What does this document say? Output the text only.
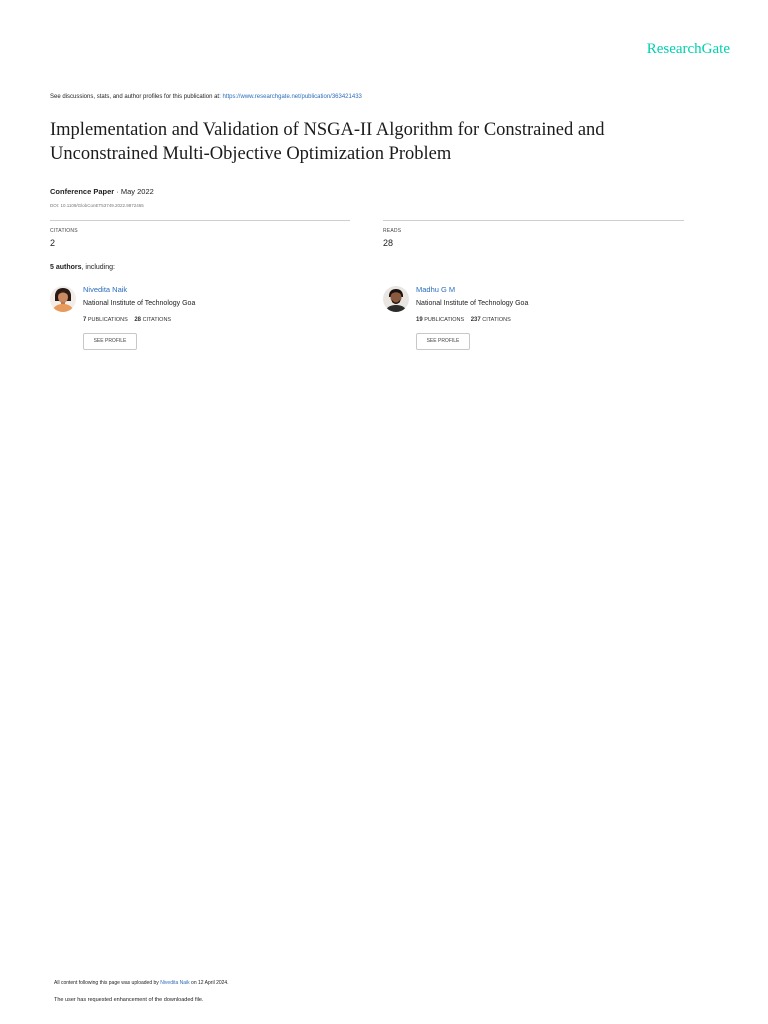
ResearchGate
See discussions, stats, and author profiles for this publication at: https://www.researchgate.net/publication/363421433
Implementation and Validation of NSGA-II Algorithm for Constrained and Unconstrained Multi-Objective Optimization Problem
Conference Paper · May 2022
DOI: 10.1109/GlobConET53749.2022.9872465
CITATIONS
2
READS
28
5 authors, including:
Nivedita Naik
National Institute of Technology Goa
7 PUBLICATIONS 28 CITATIONS
SEE PROFILE
Madhu G M
National Institute of Technology Goa
19 PUBLICATIONS 237 CITATIONS
SEE PROFILE
All content following this page was uploaded by Nivedita Naik on 12 April 2024.
The user has requested enhancement of the downloaded file.
